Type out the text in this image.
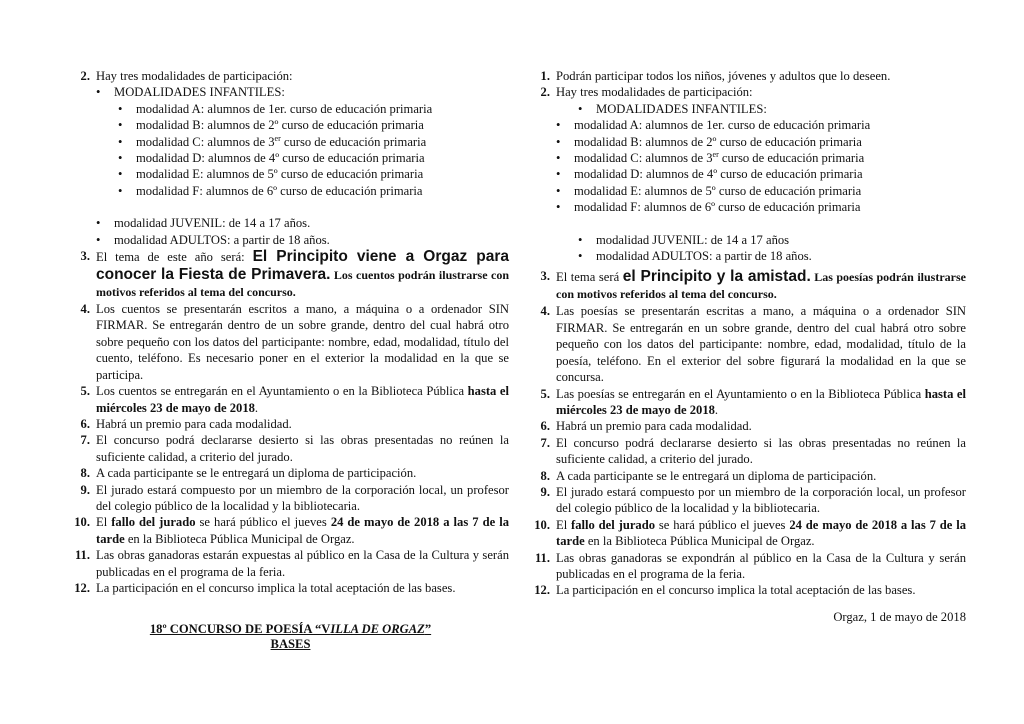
2. Hay tres modalidades de participación:
•	MODALIDADES INFANTILES:
•	modalidad A: alumnos de 1er. curso de educación primaria
•	modalidad B: alumnos de 2º curso de educación primaria
•	modalidad C: alumnos de 3er curso de educación primaria
•	modalidad D: alumnos de 4º curso de educación primaria
•	modalidad E: alumnos de 5º curso de educación primaria
•	modalidad F: alumnos de 6º curso de educación primaria
•	modalidad JUVENIL: de 14 a 17 años.
•	modalidad ADULTOS: a partir de 18 años.
3. El tema de este año será: El Principito viene a Orgaz para conocer la Fiesta de Primavera. Los cuentos podrán ilustrarse con motivos referidos al tema del concurso.
4. Los cuentos se presentarán escritos a mano, a máquina o a ordenador SIN FIRMAR. Se entregarán dentro de un sobre grande, dentro del cual habrá otro sobre pequeño con los datos del participante: nombre, edad, modalidad, título del cuento, teléfono. Es necesario poner en el exterior la modalidad en la que se participa.
5. Los cuentos se entregarán en el Ayuntamiento o en la Biblioteca Pública hasta el miércoles 23 de mayo de 2018.
6. Habrá un premio para cada modalidad.
7. El concurso podrá declararse desierto si las obras presentadas no reúnen la suficiente calidad, a criterio del jurado.
8. A cada participante se le entregará un diploma de participación.
9. El jurado estará compuesto por un miembro de la corporación local, un profesor del colegio público de la localidad y la bibliotecaria.
10. El fallo del jurado se hará público el jueves 24 de mayo de 2018 a las 7 de la tarde en la Biblioteca Pública Municipal de Orgaz.
11. Las obras ganadoras estarán expuestas al público en la Casa de la Cultura y serán publicadas en el programa de la feria.
12. La participación en el concurso implica la total aceptación de las bases.
18º CONCURSO DE POESÍA “VILLA DE ORGAZ”
BASES
1. Podrán participar todos los niños, jóvenes y adultos que lo deseen.
2. Hay tres modalidades de participación:
•	MODALIDADES INFANTILES:
•	modalidad A: alumnos de 1er. curso de educación primaria
•	modalidad B: alumnos de 2º curso de educación primaria
•	modalidad C: alumnos de 3er curso de educación primaria
•	modalidad D: alumnos de 4º curso de educación primaria
•	modalidad E: alumnos de 5º curso de educación primaria
•	modalidad F: alumnos de 6º curso de educación primaria
•	modalidad JUVENIL: de 14 a 17 años
•	modalidad ADULTOS: a partir de 18 años.
3. El tema será el Principito y la amistad. Las poesías podrán ilustrarse con motivos referidos al tema del concurso.
4. Las poesías se presentarán escritas a mano, a máquina o a ordenador SIN FIRMAR. Se entregarán en un sobre grande, dentro del cual habrá otro sobre pequeño con los datos del participante: nombre, edad, modalidad, título de la poesía, teléfono. En el exterior del sobre figurará la modalidad en la que se concursa.
5. Las poesías se entregarán en el Ayuntamiento o en la Biblioteca Pública hasta el miércoles 23 de mayo de 2018.
6. Habrá un premio para cada modalidad.
7. El concurso podrá declararse desierto si las obras presentadas no reúnen la suficiente calidad, a criterio del jurado.
8. A cada participante se le entregará un diploma de participación.
9. El jurado estará compuesto por un miembro de la corporación local, un profesor del colegio público de la localidad y la bibliotecaria.
10. El fallo del jurado se hará público el jueves 24 de mayo de 2018 a las 7 de la tarde en la Biblioteca Pública Municipal de Orgaz.
11. Las obras ganadoras se expondrán al público en la Casa de la Cultura y serán publicadas en el programa de la feria.
12. La participación en el concurso implica la total aceptación de las bases.
Orgaz, 1 de mayo de 2018
